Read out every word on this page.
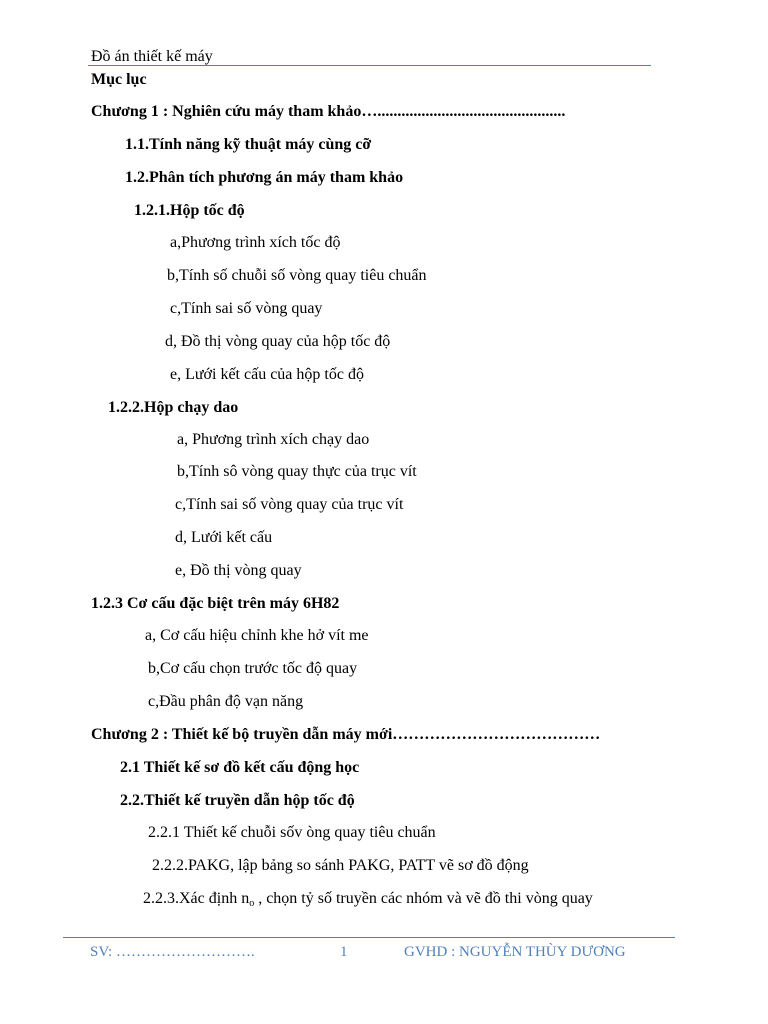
Đồ án thiết kế máy
Mục lục
Chương 1 : Nghiên cứu máy tham khảo…...............................................
1.1.Tính năng kỹ thuật máy cùng cỡ
1.2.Phân tích phương án máy tham khảo
1.2.1.Hộp tốc độ
a,Phương trình xích tốc độ
b,Tính số chuỗi số vòng quay tiêu chuẩn
c,Tính sai số vòng quay
d, Đồ thị vòng quay của hộp tốc độ
e, Lưới kết cấu của hộp tốc độ
1.2.2.Hộp chạy dao
a, Phương trình xích chạy dao
b,Tính sô vòng quay thực của trục vít
c,Tính sai số vòng quay của trục vít
d, Lưới kết cấu
e, Đồ thị vòng quay
1.2.3 Cơ cấu đặc biệt trên máy 6H82
a, Cơ cấu hiệu chỉnh khe hở vít me
b,Cơ cấu chọn trước tốc độ quay
c,Đầu phân độ vạn năng
Chương 2 : Thiết kế bộ truyền dẫn máy mới…………………………………
2.1 Thiết kế sơ đồ kết cấu động học
2.2.Thiết kế truyền dẫn hộp tốc độ
2.2.1 Thiết kế chuỗi sốv òng quay tiêu chuẩn
2.2.2.PAKG, lập bảng so sánh PAKG, PATT vẽ sơ đồ động
2.2.3.Xác định $n_o$ , chọn tỷ số truyền các nhóm và vẽ đồ thi vòng quay
SV: ……………………….	1	GVHD : NGUYỄN THÙY DƯƠNG
